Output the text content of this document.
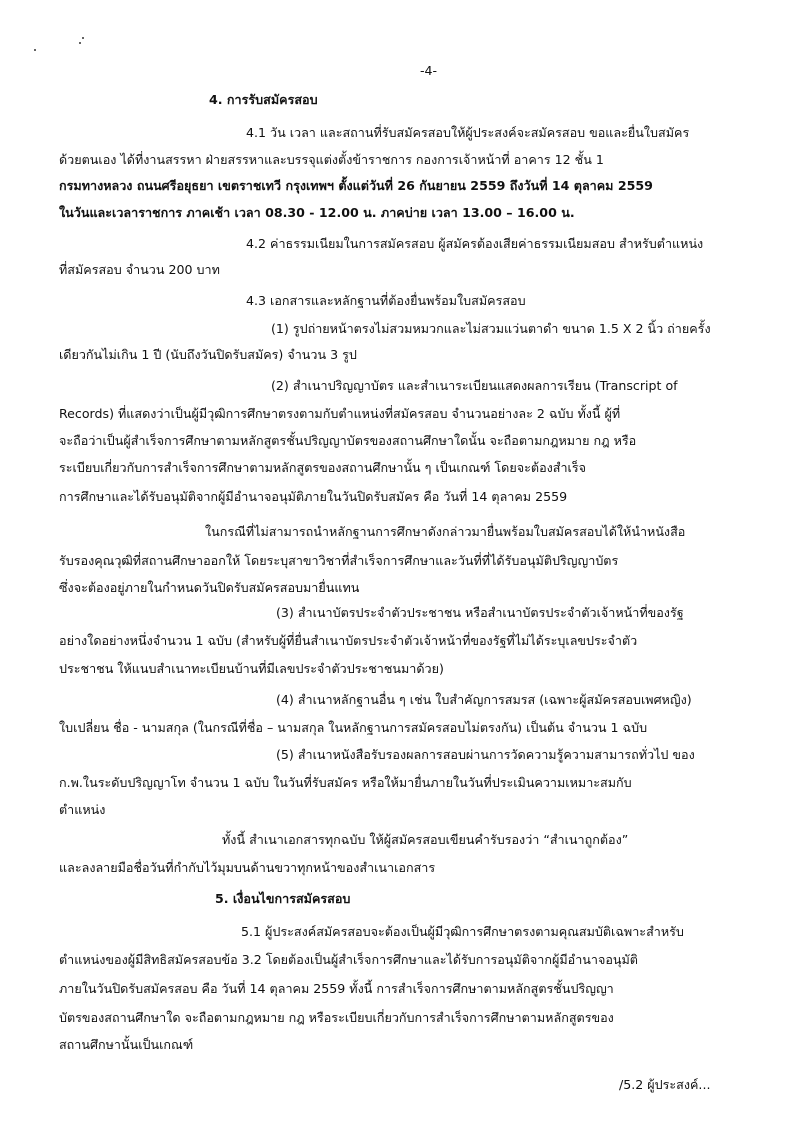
-4-
4. การรับสมัครสอบ
4.1 วัน เวลา และสถานที่รับสมัครสอบให้ผู้ประสงค์จะสมัครสอบ ขอและยื่นใบสมัคร
ด้วยตนเอง ได้ที่งานสรรหา ฝ่ายสรรหาและบรรจุแต่งตั้งข้าราชการ กองการเจ้าหน้าที่ อาคาร 12 ชั้น 1
กรมทางหลวง ถนนศรีอยุธยา เขตราชเทวี กรุงเทพฯ ตั้งแต่วันที่ 26 กันยายน 2559 ถึงวันที่ 14 ตุลาคม 2559
ในวันและเวลาราชการ ภาคเช้า เวลา 08.30 - 12.00 น. ภาคบ่าย เวลา 13.00 – 16.00 น.
4.2 ค่าธรรมเนียมในการสมัครสอบ ผู้สมัครต้องเสียค่าธรรมเนียมสอบ สำหรับตำแหน่ง
ที่สมัครสอบ จำนวน 200 บาท
4.3 เอกสารและหลักฐานที่ต้องยื่นพร้อมใบสมัครสอบ
(1) รูปถ่ายหน้าตรงไม่สวมหมวกและไม่สวมแว่นตาดำ ขนาด 1.5 X 2 นิ้ว ถ่ายครั้ง
เดียวกันไม่เกิน 1 ปี (นับถึงวันปิดรับสมัคร) จำนวน 3 รูป
(2) สำเนาปริญญาบัตร และสำเนาระเบียนแสดงผลการเรียน (Transcript of
Records) ที่แสดงว่าเป็นผู้มีวุฒิการศึกษาตรงตามกับตำแหน่งที่สมัครสอบ จำนวนอย่างละ 2 ฉบับ ทั้งนี้ ผู้ที่
จะถือว่าเป็นผู้สำเร็จการศึกษาตามหลักสูตรชั้นปริญญาบัตรของสถานศึกษาใดนั้น จะถือตามกฎหมาย กฎ หรือ
ระเบียบเกี่ยวกับการสำเร็จการศึกษาตามหลักสูตรของสถานศึกษานั้น ๆ เป็นเกณฑ์ โดยจะต้องสำเร็จ
การศึกษาและได้รับอนุมัติจากผู้มีอำนาจอนุมัติภายในวันปิดรับสมัคร คือ วันที่ 14 ตุลาคม 2559
ในกรณีที่ไม่สามารถนำหลักฐานการศึกษาดังกล่าวมายื่นพร้อมใบสมัครสอบได้ให้นำหนังสือ
รับรองคุณวุฒิที่สถานศึกษาออกให้ โดยระบุสาขาวิชาที่สำเร็จการศึกษาและวันที่ที่ได้รับอนุมัติปริญญาบัตร
ซึ่งจะต้องอยู่ภายในกำหนดวันปิดรับสมัครสอบมายื่นแทน
(3) สำเนาบัตรประจำตัวประชาชน หรือสำเนาบัตรประจำตัวเจ้าหน้าที่ของรัฐ
อย่างใดอย่างหนึ่งจำนวน 1 ฉบับ (สำหรับผู้ที่ยื่นสำเนาบัตรประจำตัวเจ้าหน้าที่ของรัฐที่ไม่ได้ระบุเลขประจำตัว
ประชาชน ให้แนบสำเนาทะเบียนบ้านที่มีเลขประจำตัวประชาชนมาด้วย)
(4) สำเนาหลักฐานอื่น ๆ เช่น ใบสำคัญการสมรส (เฉพาะผู้สมัครสอบเพศหญิง)
ใบเปลี่ยน ชื่อ - นามสกุล (ในกรณีที่ชื่อ – นามสกุล ในหลักฐานการสมัครสอบไม่ตรงกัน) เป็นต้น จำนวน 1 ฉบับ
(5) สำเนาหนังสือรับรองผลการสอบผ่านการวัดความรู้ความสามารถทั่วไป ของ
ก.พ.ในระดับปริญญาโท จำนวน 1 ฉบับ ในวันที่รับสมัคร หรือให้มายื่นภายในวันที่ประเมินความเหมาะสมกับ
ตำแหน่ง
ทั้งนี้ สำเนาเอกสารทุกฉบับ ให้ผู้สมัครสอบเขียนคำรับรองว่า “สำเนาถูกต้อง”
และลงลายมือชื่อวันที่กำกับไว้มุมบนด้านขวาทุกหน้าของสำเนาเอกสาร
5. เงื่อนไขการสมัครสอบ
5.1 ผู้ประสงค์สมัครสอบจะต้องเป็นผู้มีวุฒิการศึกษาตรงตามคุณสมบัติเฉพาะสำหรับ
ตำแหน่งของผู้มีสิทธิสมัครสอบข้อ 3.2 โดยต้องเป็นผู้สำเร็จการศึกษาและได้รับการอนุมัติจากผู้มีอำนาจอนุมัติ
ภายในวันปิดรับสมัครสอบ คือ วันที่ 14 ตุลาคม 2559 ทั้งนี้ การสำเร็จการศึกษาตามหลักสูตรชั้นปริญญา
บัตรของสถานศึกษาใด จะถือตามกฎหมาย กฎ หรือระเบียบเกี่ยวกับการสำเร็จการศึกษาตามหลักสูตรของ
สถานศึกษานั้นเป็นเกณฑ์
/5.2 ผู้ประสงค์...
